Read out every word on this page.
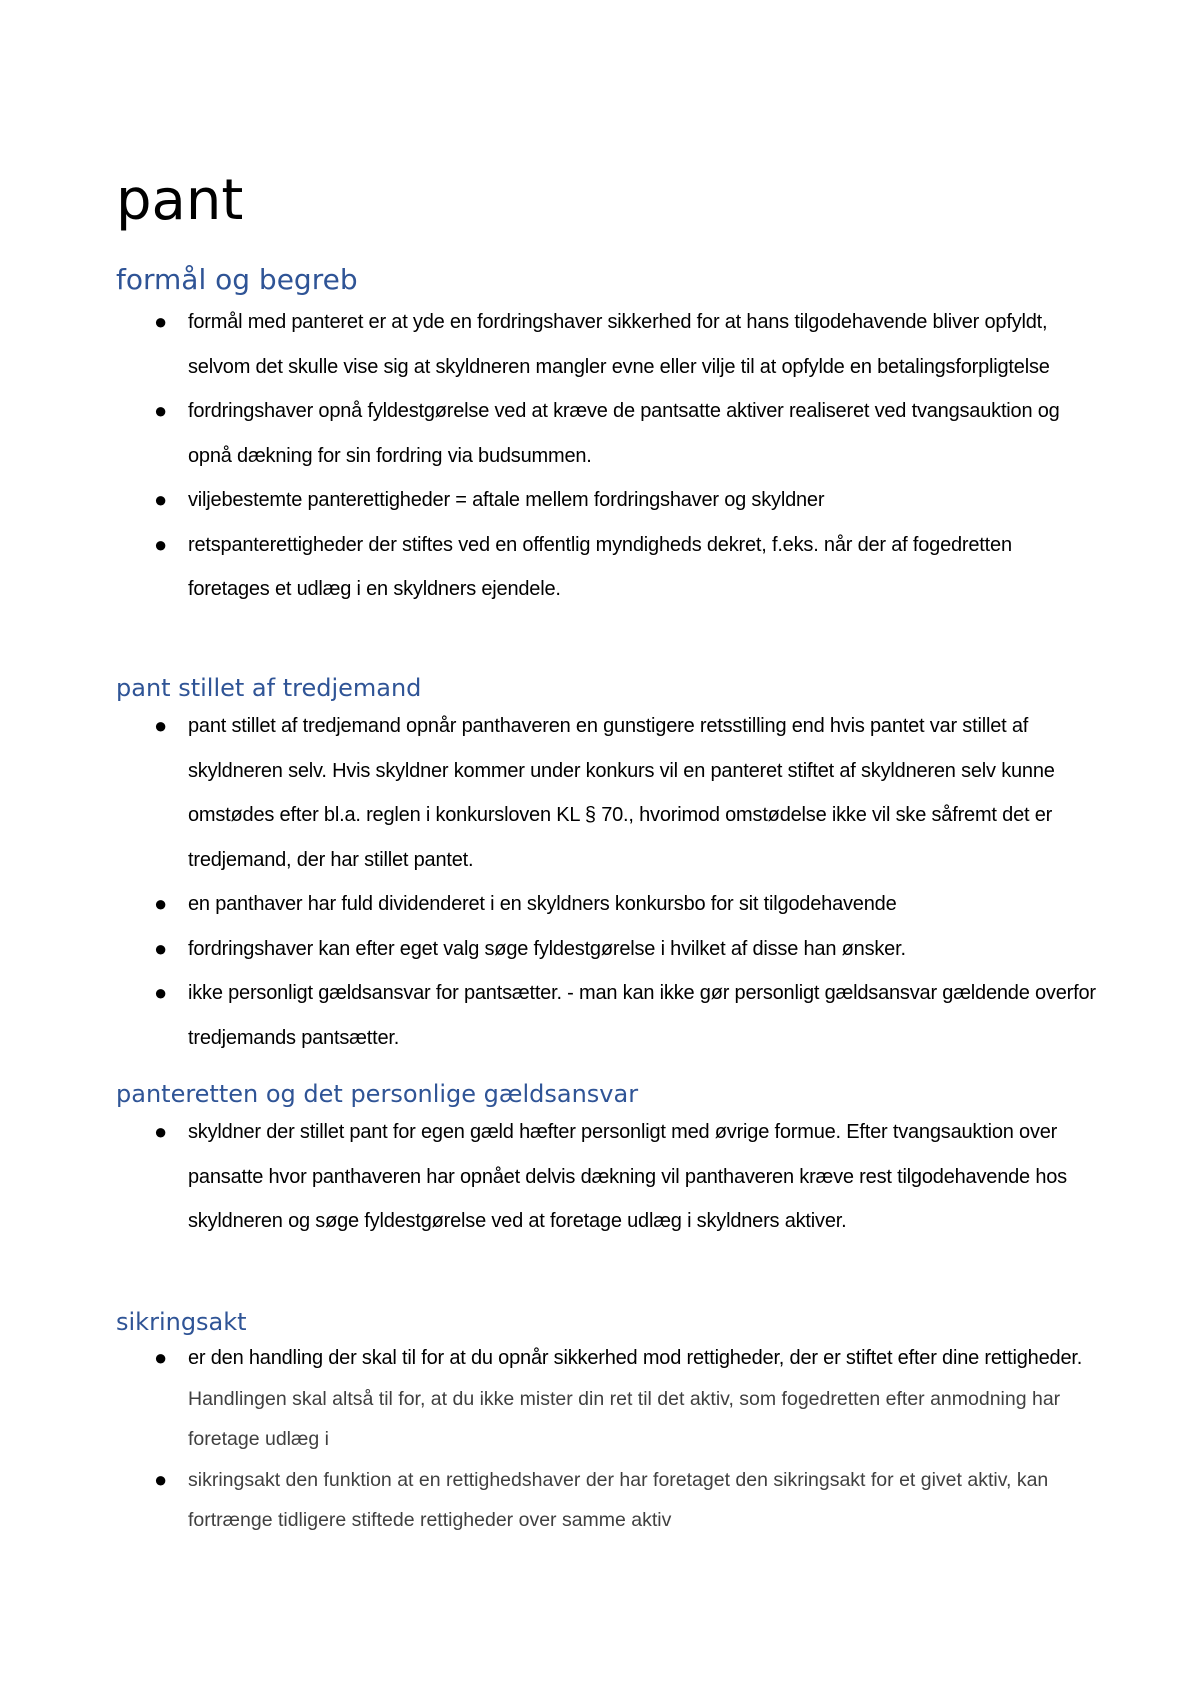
pant
formål og begreb
● formål med panteret er at yde en fordringshaver sikkerhed for at hans tilgodehavende bliver opfyldt, selvom det skulle vise sig at skyldneren mangler evne eller vilje til at opfylde en betalingsforpligtelse
● fordringshaver opnå fyldestgørelse ved at kræve de pantsatte aktiver realiseret ved tvangsauktion og opnå dækning for sin fordring via budsummen.
● viljebestemte panterettigheder = aftale mellem fordringshaver og skyldner
● retspanterettigheder der stiftes ved en offentlig myndigheds dekret, f.eks. når der af fogedretten foretages et udlæg i en skyldners ejendele.
pant stillet af tredjemand
● pant stillet af tredjemand opnår panthaveren en gunstigere retsstilling end hvis pantet var stillet af skyldneren selv. Hvis skyldner kommer under konkurs vil en panteret stiftet af skyldneren selv kunne omstødes efter bl.a. reglen i konkursloven KL § 70., hvorimod omstødelse ikke vil ske såfremt det er tredjemand, der har stillet pantet.
● en panthaver har fuld dividenderet i en skyldners konkursbo for sit tilgodehavende
● fordringshaver kan efter eget valg søge fyldestgørelse i hvilket af disse han ønsker.
● ikke personligt gældsansvar for pantsætter. - man kan ikke gør personligt gældsansvar gældende overfor tredjemands pantsætter.
panteretten og det personlige gældsansvar
● skyldner der stillet pant for egen gæld hæfter personligt med øvrige formue. Efter tvangsauktion over pansatte hvor panthaveren har opnået delvis dækning vil panthaveren kræve rest tilgodehavende hos skyldneren og søge fyldestgørelse ved at foretage udlæg i skyldners aktiver.
sikringsakt
● er den handling der skal til for at du opnår sikkerhed mod rettigheder, der er stiftet efter dine rettigheder.  Handlingen skal altså til for, at du ikke mister din ret til det aktiv, som fogedretten efter anmodning har foretage udlæg i
● sikringsakt den funktion at en rettighedshaver der har foretaget den sikringsakt for et givet aktiv, kan fortrænge tidligere stiftede rettigheder over samme aktiv
